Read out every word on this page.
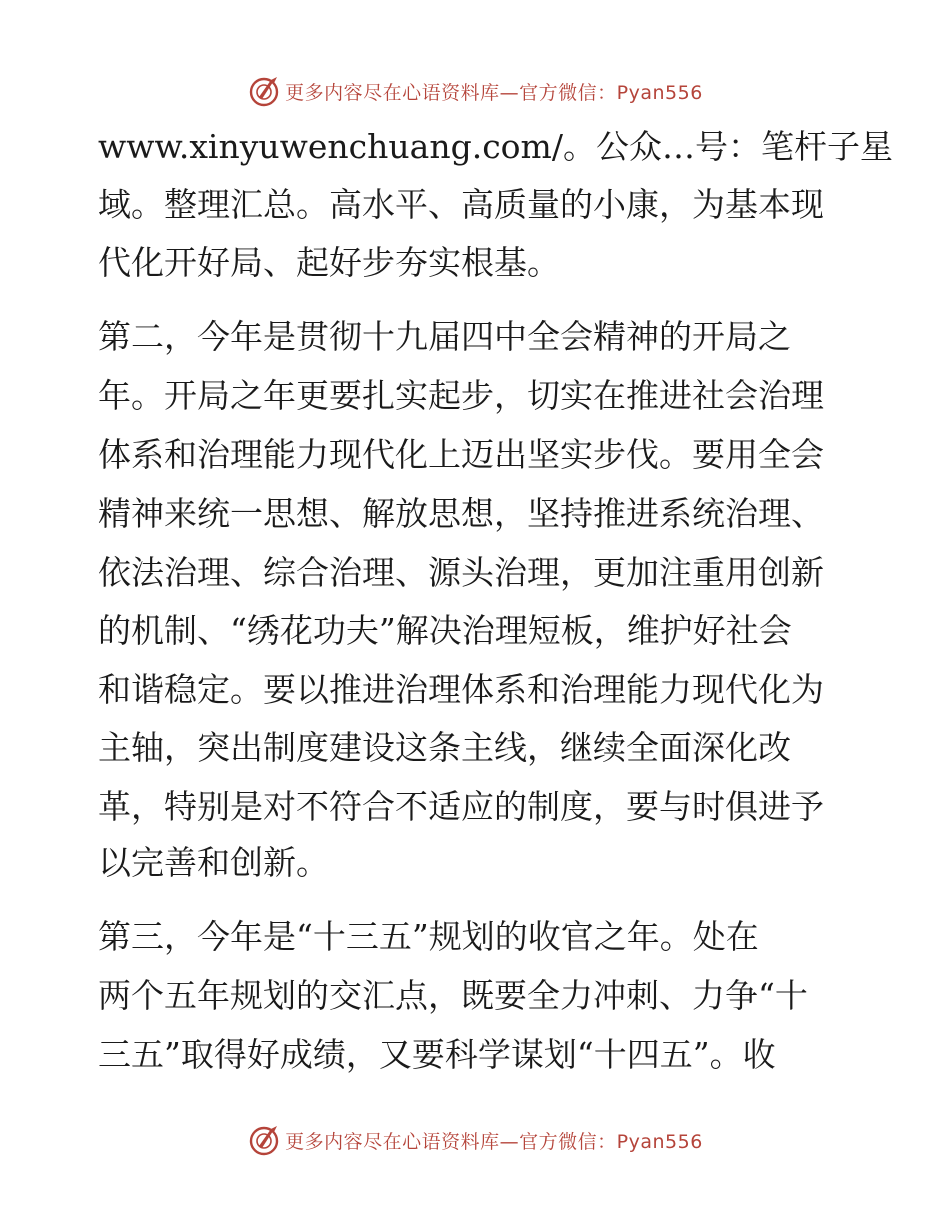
更多内容尽在心语资料库—官方微信：Pyan556
www.xinyuwenchuang.com/。公众…号：笔杆子星
域。整理汇总。高水平、高质量的小康，为基本现
代化开好局、起好步夯实根基。
第二，今年是贯彻十九届四中全会精神的开局之
年。开局之年更要扎实起步，切实在推进社会治理
体系和治理能力现代化上迈出坚实步伐。要用全会
精神来统一思想、解放思想，坚持推进系统治理、
依法治理、综合治理、源头治理，更加注重用创新
的机制、“绣花功夫”解决治理短板，维护好社会
和谐稳定。要以推进治理体系和治理能力现代化为
主轴，突出制度建设这条主线，继续全面深化改
革，特别是对不符合不适应的制度，要与时俱进予
以完善和创新。
第三，今年是“十三五”规划的收官之年。处在
两个五年规划的交汇点，既要全力冲刺、力争“十
三五”取得好成绩，又要科学谋划“十四五”。收
更多内容尽在心语资料库—官方微信：Pyan556
